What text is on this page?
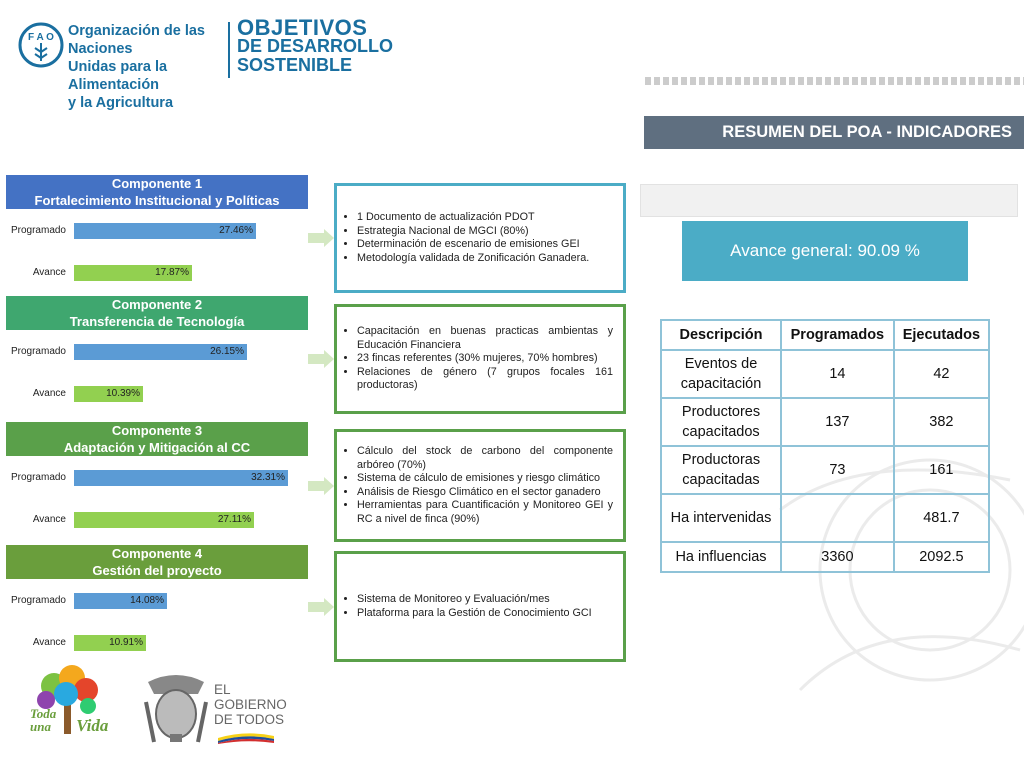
F A O Organización de las Naciones
Unidas para la Alimentación
y la Agricultura
OBJETIVOS
DE DESARROLLO
SOSTENIBLE
RESUMEN DEL POA - INDICADORES
Avance general: 90.09 %
Componente 1
Fortalecimiento Institucional y Políticas
Programado	27.46%
Avance	17.87%
• 1 Documento de actualización PDOT
• Estrategia Nacional de MGCI (80%)
• Determinación de escenario de emisiones GEI
• Metodología validada de Zonificación Ganadera.
Componente 2
Transferencia de Tecnología
Programado	26.15%
Avance	10.39%
• Capacitación en buenas practicas ambientas y Educación Financiera
• 23 fincas referentes (30% mujeres, 70% hombres)
• Relaciones de género (7 grupos focales 161 productoras)
Componente 3
Adaptación y Mitigación al CC
Programado	32.31%
Avance	27.11%
• Cálculo del stock de carbono del componente arbóreo (70%)
• Sistema de cálculo de emisiones y riesgo climático
• Análisis de Riesgo Climático en el sector ganadero
• Herramientas para Cuantificación y Monitoreo GEI y RC a nivel de finca (90%)
Componente 4
Gestión del proyecto
Programado	14.08%
Avance	10.91%
• Sistema de Monitoreo y Evaluación/mes
• Plataforma para la Gestión de Conocimiento GCI
Descripción	Programados	Ejecutados
Eventos de capacitación	14	42
Productores capacitados	137	382
Productoras capacitadas	73	161
Ha intervenidas		481.7
Ha influencias	3360	2092.5
Toda
una Vida
EL
GOBIERNO
DE TODOS
